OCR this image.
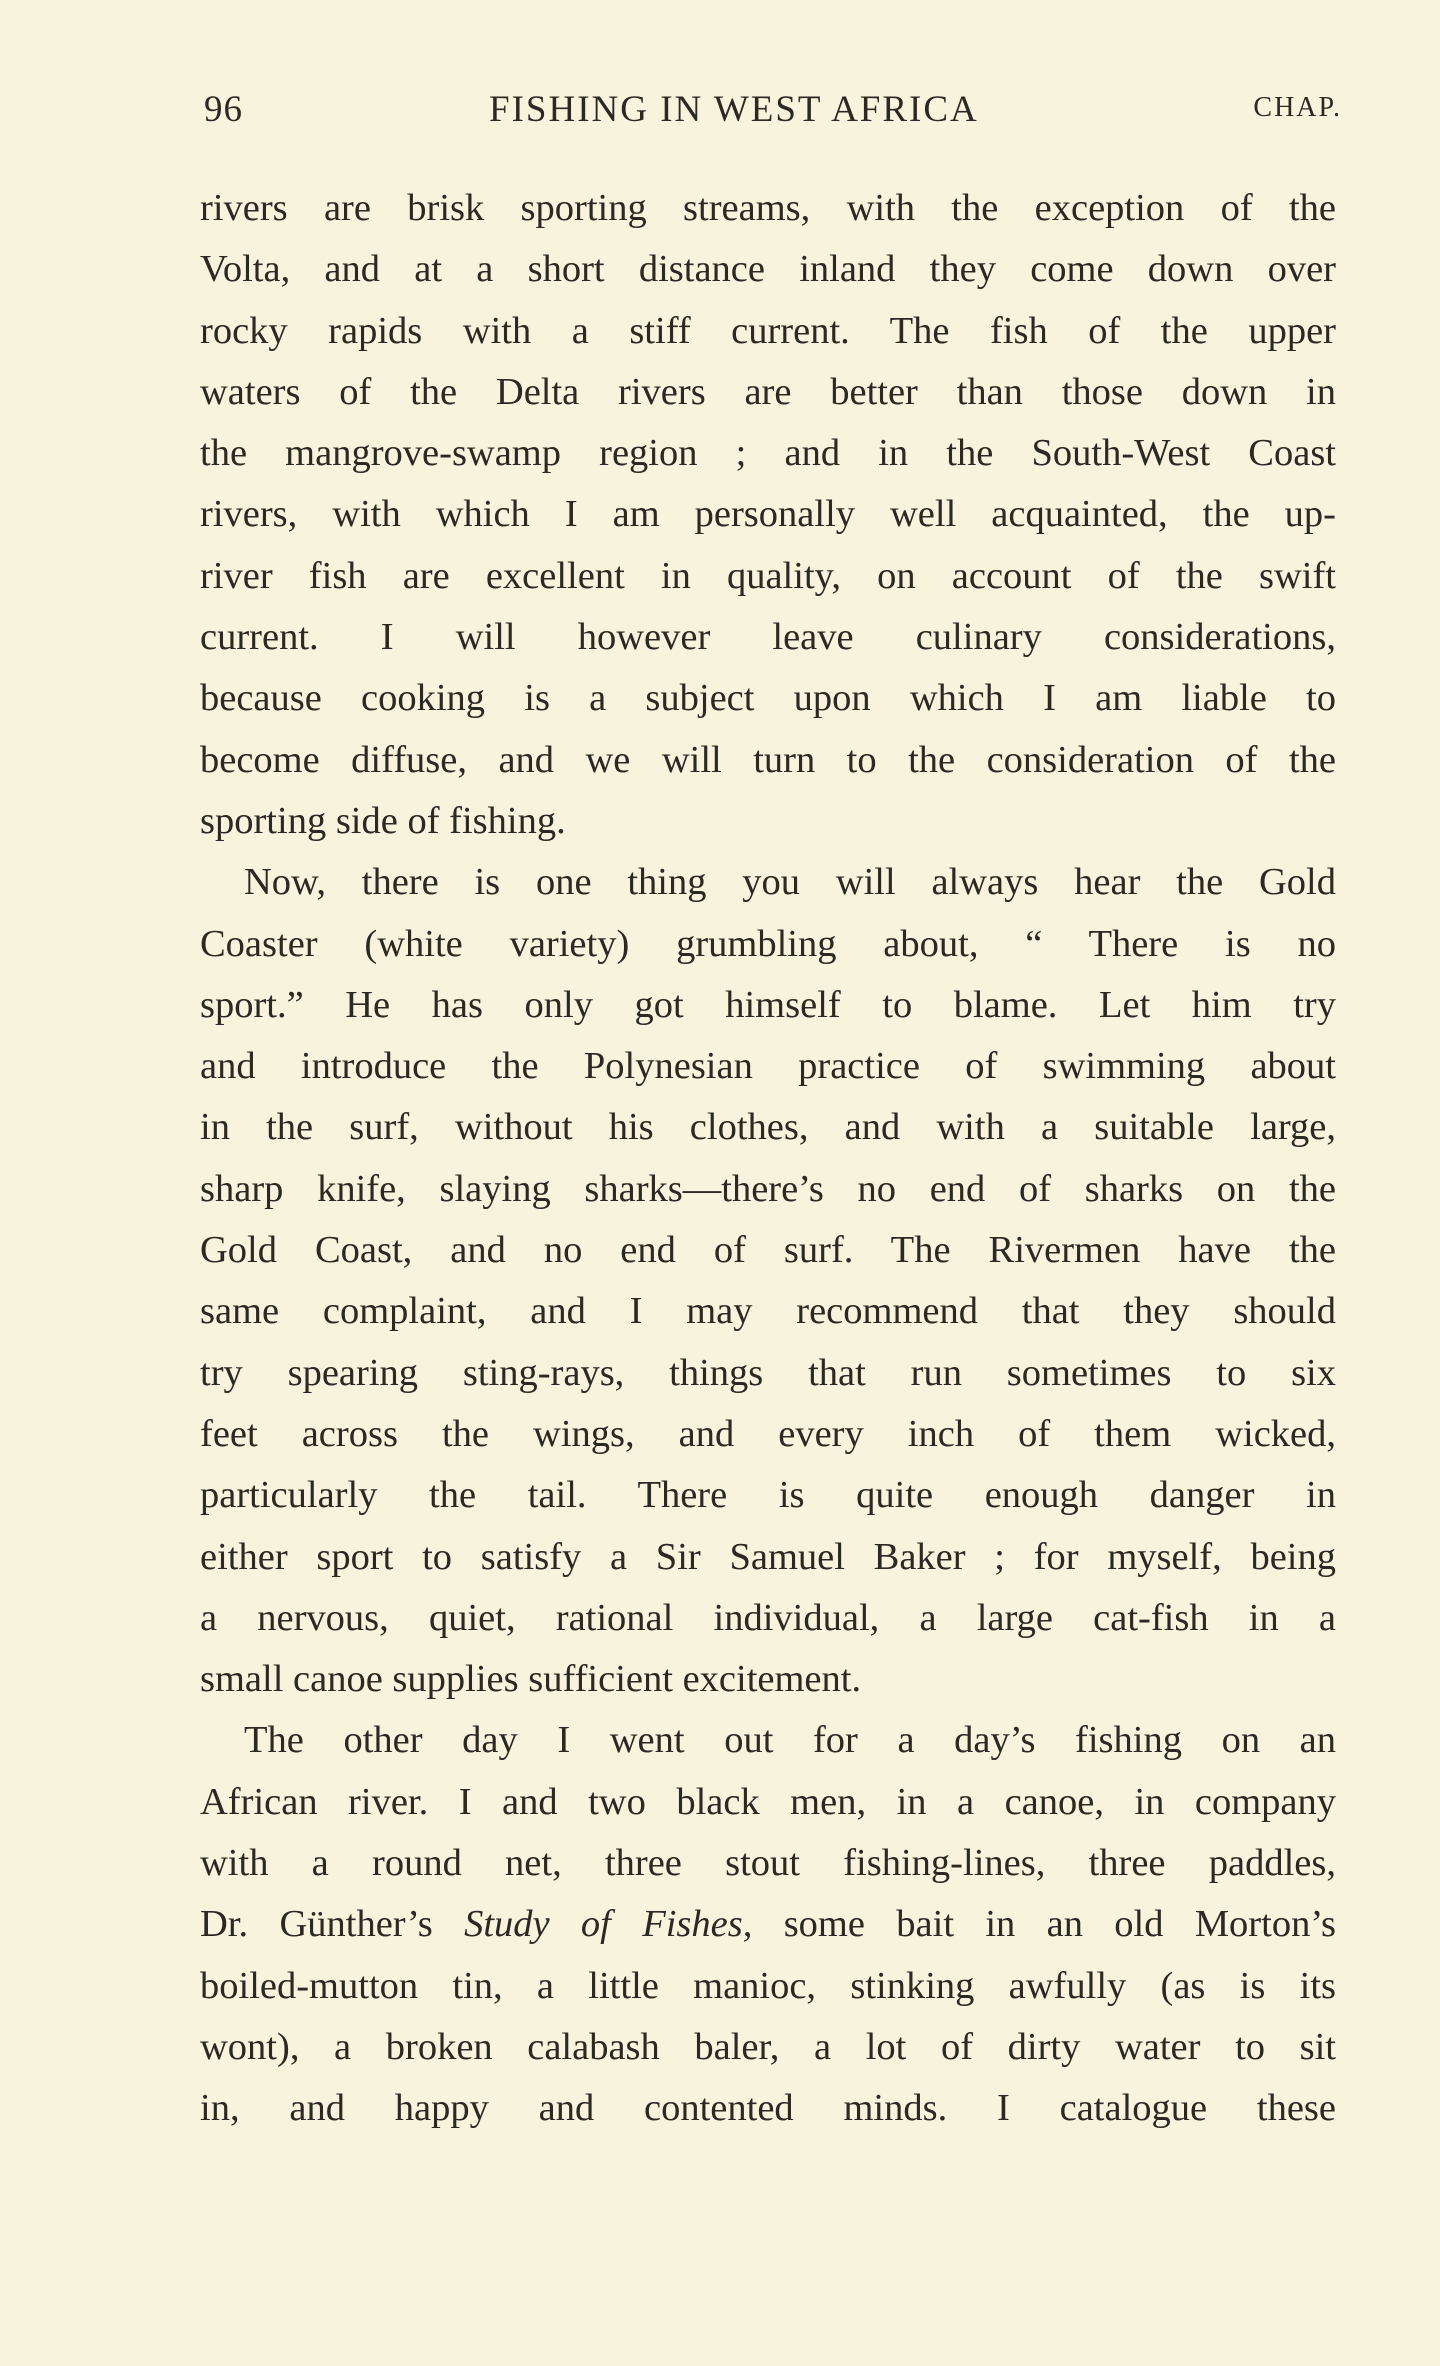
96	FISHING IN WEST AFRICA	CHAP.
rivers are brisk sporting streams, with the exception of the
Volta, and at a short distance inland they come down over
rocky rapids with a stiff current. The fish of the upper
waters of the Delta rivers are better than those down in
the mangrove-swamp region ; and in the South-West Coast
rivers, with which I am personally well acquainted, the up-
river fish are excellent in quality, on account of the swift
current. I will however leave culinary considerations,
because cooking is a subject upon which I am liable to
become diffuse, and we will turn to the consideration of the
sporting side of fishing.
Now, there is one thing you will always hear the Gold
Coaster (white variety) grumbling about, “ There is no
sport.” He has only got himself to blame. Let him try
and introduce the Polynesian practice of swimming about
in the surf, without his clothes, and with a suitable large,
sharp knife, slaying sharks—there’s no end of sharks on the
Gold Coast, and no end of surf. The Rivermen have the
same complaint, and I may recommend that they should
try spearing sting-rays, things that run sometimes to six
feet across the wings, and every inch of them wicked,
particularly the tail. There is quite enough danger in
either sport to satisfy a Sir Samuel Baker ; for myself, being
a nervous, quiet, rational individual, a large cat-fish in a
small canoe supplies sufficient excitement.
The other day I went out for a day’s fishing on an
African river. I and two black men, in a canoe, in company
with a round net, three stout fishing-lines, three paddles,
Dr. Günther’s Study of Fishes, some bait in an old Morton’s
boiled-mutton tin, a little manioc, stinking awfully (as is its
wont), a broken calabash baler, a lot of dirty water to sit
in, and happy and contented minds. I catalogue these
